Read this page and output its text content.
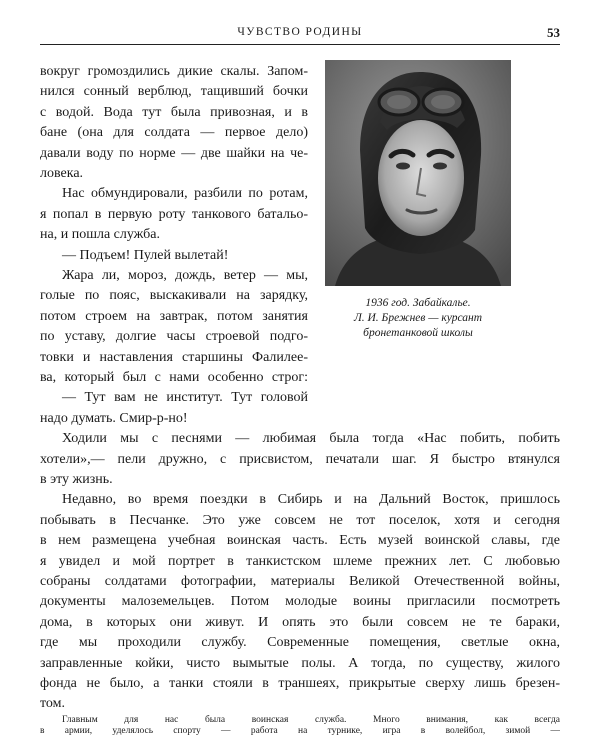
ЧУВСТВО РОДИНЫ	53
1936 год. Забайкалье.
Л. И. Брежнев — курсант
бронетанковой школы

вокруг громоздились дикие скалы. Запом-

нился сонный верблюд, тащивший бочки

с водой. Вода тут была привозная, и в

бане (она для солдата — первое дело)

давали воду по норме — две шайки на че-

ловека.

Нас обмундировали, разбили по ротам,

я попал в первую роту танкового батальо-

на, и пошла служба.

— Подъем! Пулей вылетай!

Жара ли, мороз, дождь, ветер — мы,

голые по пояс, выскакивали на зарядку,

потом строем на завтрак, потом занятия

по уставу, долгие часы строевой подго-

товки и наставления старшины Фалилее-

ва, который был с нами особенно строг:

— Тут вам не институт. Тут головой

надо думать. Смир-р-но!

Ходили мы с песнями — любимая была тогда «Нас побить, побить

хотели»,— пели дружно, с присвистом, печатали шаг. Я быстро втянулся

в эту жизнь.

Недавно, во время поездки в Сибирь и на Дальний Восток, пришлось

побывать в Песчанке. Это уже совсем не тот поселок, хотя и сегодня

в нем размещена учебная воинская часть. Есть музей воинской славы, где

я увидел и мой портрет в танкистском шлеме прежних лет. С любовью

собраны солдатами фотографии, материалы Великой Отечественной войны,

документы малоземельцев. Потом молодые воины пригласили посмотреть

дома, в которых они живут. И опять это были совсем не те бараки,

где мы проходили службу. Современные помещения, светлые окна,

заправленные койки, чисто вымытые полы. А тогда, по существу, жилого

фонда не было, а танки стояли в траншеях, прикрытые сверху лишь брезен-

том.

Главным для нас была воинская служба. Много внимания, как всегда

в армии, уделялось спорту — работа на турнике, игра в волейбол, зимой —
